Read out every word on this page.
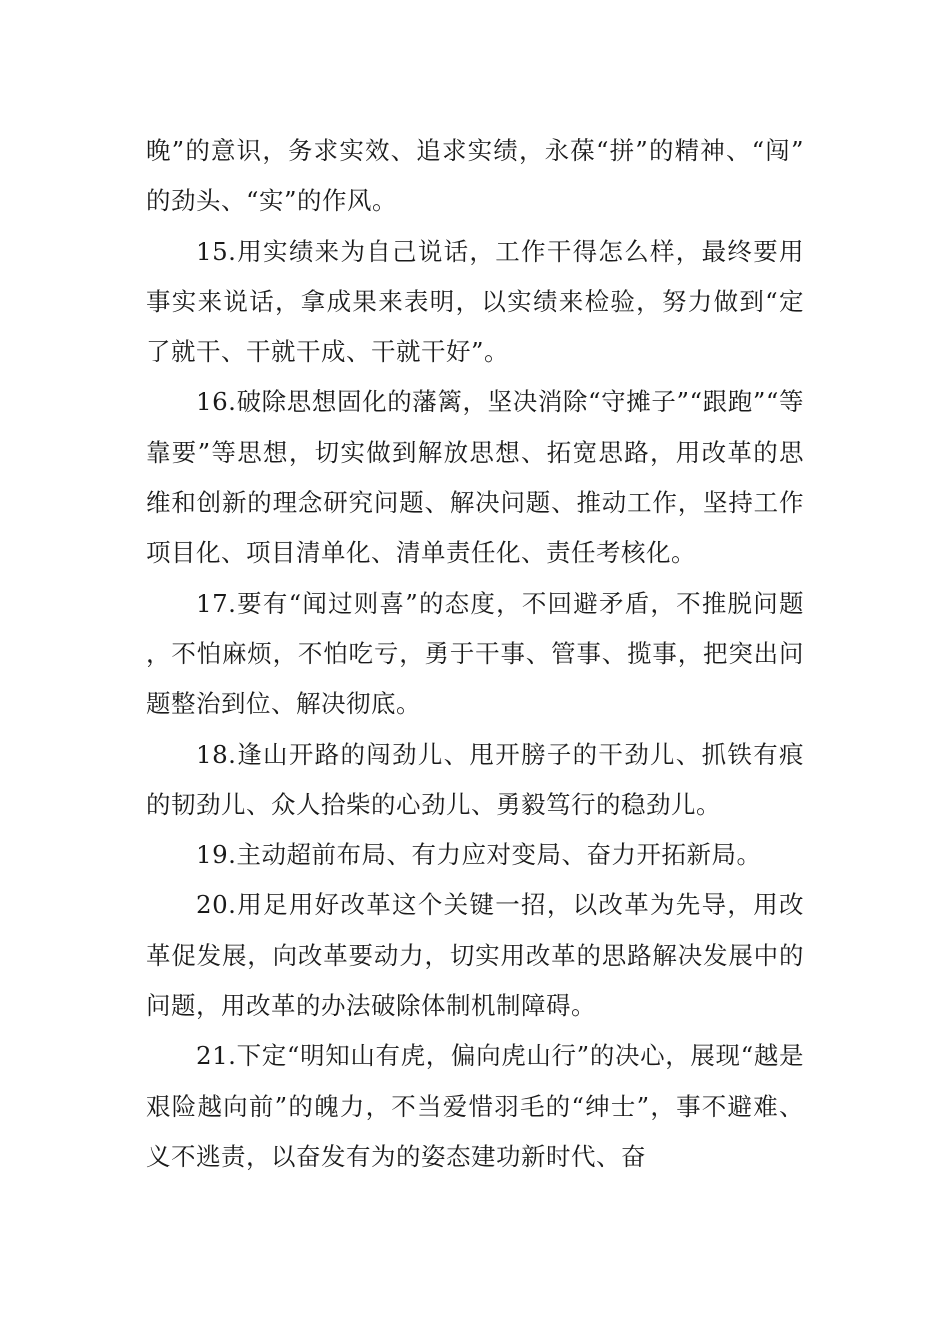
晚”的意识，务求实效、追求实绩，永葆“拼”的精神、“闯”的劲头、“实”的作风。

15.用实绩来为自己说话，工作干得怎么样，最终要用事实来说话，拿成果来表明，以实绩来检验，努力做到“定了就干、干就干成、干就干好”。

16.破除思想固化的藩篱，坚决消除“守摊子”“跟跑”“等靠要”等思想，切实做到解放思想、拓宽思路，用改革的思维和创新的理念研究问题、解决问题、推动工作，坚持工作项目化、项目清单化、清单责任化、责任考核化。

17.要有“闻过则喜”的态度，不回避矛盾，不推脱问题，不怕麻烦，不怕吃亏，勇于干事、管事、揽事，把突出问题整治到位、解决彻底。

18.逢山开路的闯劲儿、甩开膀子的干劲儿、抓铁有痕的韧劲儿、众人拾柴的心劲儿、勇毅笃行的稳劲儿。

19.主动超前布局、有力应对变局、奋力开拓新局。

20.用足用好改革这个关键一招，以改革为先导，用改革促发展，向改革要动力，切实用改革的思路解决发展中的问题，用改革的办法破除体制机制障碍。

21.下定“明知山有虎，偏向虎山行”的决心，展现“越是艰险越向前”的魄力，不当爱惜羽毛的“绅士”，事不避难、义不逃责，以奋发有为的姿态建功新时代、奋
